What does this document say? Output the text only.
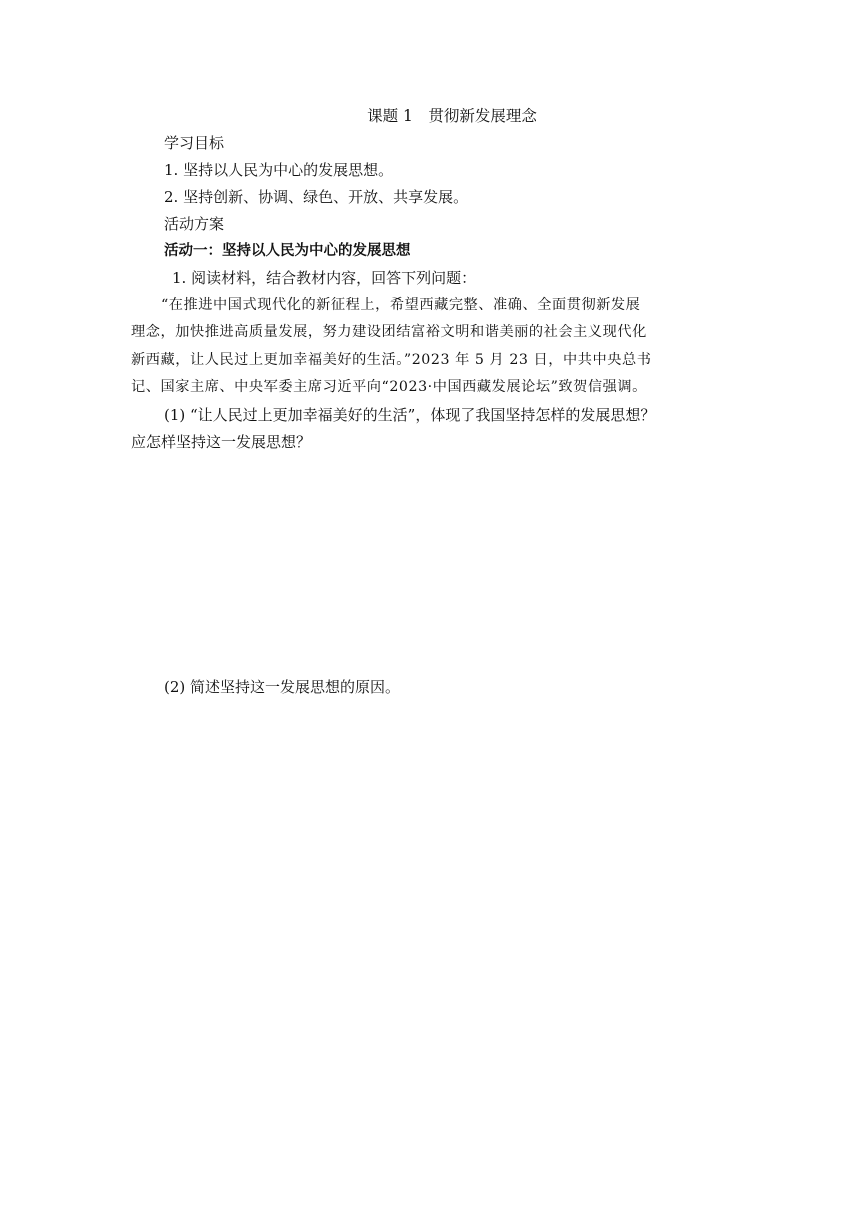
课题 1　贯彻新发展理念
学习目标
1. 坚持以人民为中心的发展思想。
2. 坚持创新、协调、绿色、开放、共享发展。
活动方案
活动一：坚持以人民为中心的发展思想
1. 阅读材料，结合教材内容，回答下列问题：
“在推进中国式现代化的新征程上，希望西藏完整、准确、全面贯彻新发展
理念，加快推进高质量发展，努力建设团结富裕文明和谐美丽的社会主义现代化
新西藏，让人民过上更加幸福美好的生活。”2023 年 5 月 23 日，中共中央总书
记、国家主席、中央军委主席习近平向“2023·中国西藏发展论坛”致贺信强调。
(1) “让人民过上更加幸福美好的生活”，体现了我国坚持怎样的发展思想？
应怎样坚持这一发展思想？
(2) 简述坚持这一发展思想的原因。
